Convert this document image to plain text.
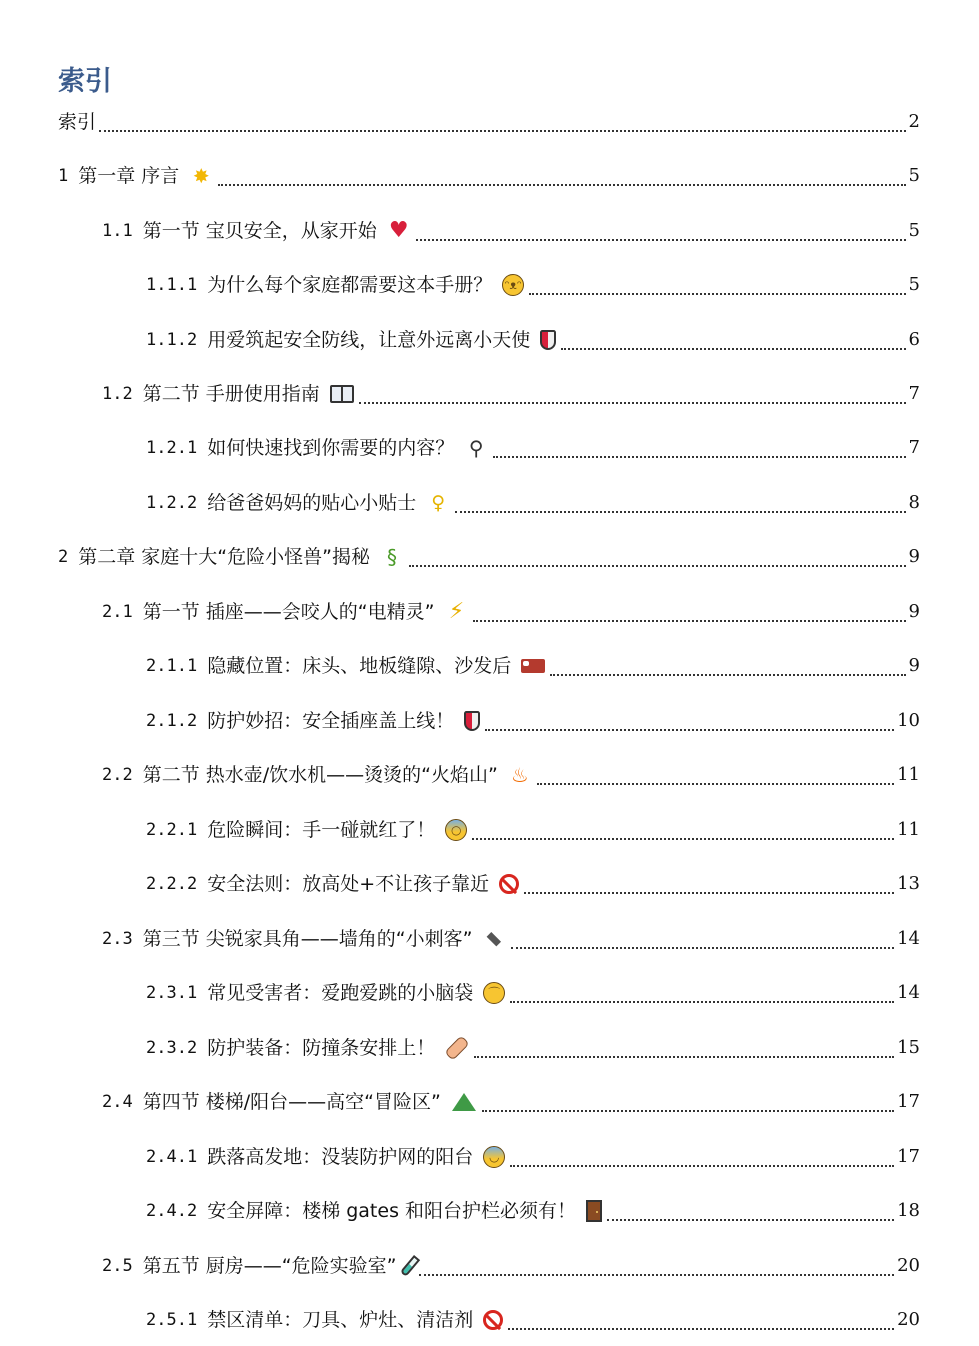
索引
索引	2
1 第一章 序言 ✸	5
1.1 第一节 宝贝安全，从家开始 ♥	5
1.1.1 为什么每个家庭都需要这本手册？ ᵔᴥᵔ	5
1.1.2 用爱筑起安全防线，让意外远离小天使	6
1.2 第二节 手册使用指南	7
1.2.1 如何快速找到你需要的内容？ ⚲	7
1.2.2 给爸爸妈妈的贴心小贴士 ♀	8
2 第二章 家庭十大“危险小怪兽”揭秘 §	9
2.1 第一节 插座——会咬人的“电精灵” ⚡	9
2.1.1 隐藏位置：床头、地板缝隙、沙发后	9
2.1.2 防护妙招：安全插座盖上线！	10
2.2 第二节 热水壶/饮水机——烫烫的“火焰山” ♨	11
2.2.1 危险瞬间：手一碰就红了！	○	11
2.2.2 安全法则：放高处+不让孩子靠近	13
2.3 第三节 尖锐家具角——墙角的“小刺客” ▬	14
2.3.1 常见受害者：爱跑爱跳的小脑袋	⌒	14
2.3.2 防护装备：防撞条安排上！	15
2.4 第四节 楼梯/阳台——高空“冒险区”	17
2.4.1 跌落高发地：没装防护网的阳台	◡	17
2.4.2 安全屏障：楼梯 gates 和阳台护栏必须有！	18
2.5 第五节 厨房——“危险实验室”	20
2.5.1 禁区清单：刀具、炉灶、清洁剂	20
